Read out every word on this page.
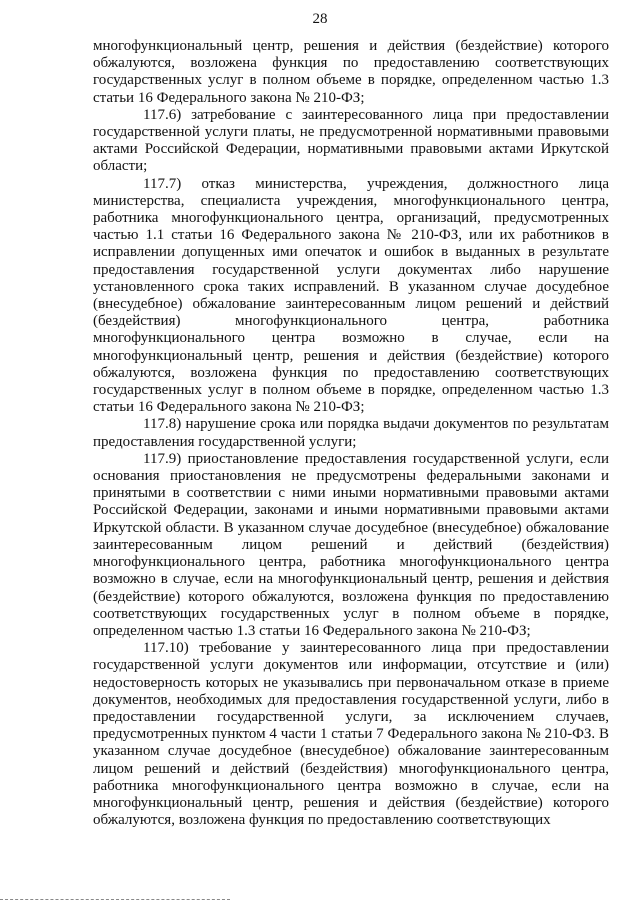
28

многофункциональный центр, решения и действия (бездействие) которого обжалуются, возложена функция по предоставлению соответствующих государственных услуг в полном объеме в порядке, определенном частью 1.3 статьи 16 Федерального закона № 210-ФЗ;

117.6) затребование с заинтересованного лица при предоставлении государственной услуги платы, не предусмотренной нормативными правовыми актами Российской Федерации, нормативными правовыми актами Иркутской области;

117.7) отказ министерства, учреждения, должностного лица министерства, специалиста учреждения, многофункционального центра, работника многофункционального центра, организаций, предусмотренных частью 1.1 статьи 16 Федерального закона № 210-ФЗ, или их работников в исправлении допущенных ими опечаток и ошибок в выданных в результате предоставления государственной услуги документах либо нарушение установленного срока таких исправлений. В указанном случае досудебное (внесудебное) обжалование заинтересованным лицом решений и действий (бездействия) многофункционального центра, работника многофункционального центра возможно в случае, если на многофункциональный центр, решения и действия (бездействие) которого обжалуются, возложена функция по предоставлению соответствующих государственных услуг в полном объеме в порядке, определенном частью 1.3 статьи 16 Федерального закона № 210-ФЗ;

117.8) нарушение срока или порядка выдачи документов по результатам предоставления государственной услуги;

117.9) приостановление предоставления государственной услуги, если основания приостановления не предусмотрены федеральными законами и принятыми в соответствии с ними иными нормативными правовыми актами Российской Федерации, законами и иными нормативными правовыми актами Иркутской области. В указанном случае досудебное (внесудебное) обжалование заинтересованным лицом решений и действий (бездействия) многофункционального центра, работника многофункционального центра возможно в случае, если на многофункциональный центр, решения и действия (бездействие) которого обжалуются, возложена функция по предоставлению соответствующих государственных услуг в полном объеме в порядке, определенном частью 1.3 статьи 16 Федерального закона № 210-ФЗ;

117.10) требование у заинтересованного лица при предоставлении государственной услуги документов или информации, отсутствие и (или) недостоверность которых не указывались при первоначальном отказе в приеме документов, необходимых для предоставления государственной услуги, либо в предоставлении государственной услуги, за исключением случаев, предусмотренных пунктом 4 части 1 статьи 7 Федерального закона № 210-ФЗ. В указанном случае досудебное (внесудебное) обжалование заинтересованным лицом решений и действий (бездействия) многофункционального центра, работника многофункционального центра возможно в случае, если на многофункциональный центр, решения и действия (бездействие) которого обжалуются, возложена функция по предоставлению соответствующих
